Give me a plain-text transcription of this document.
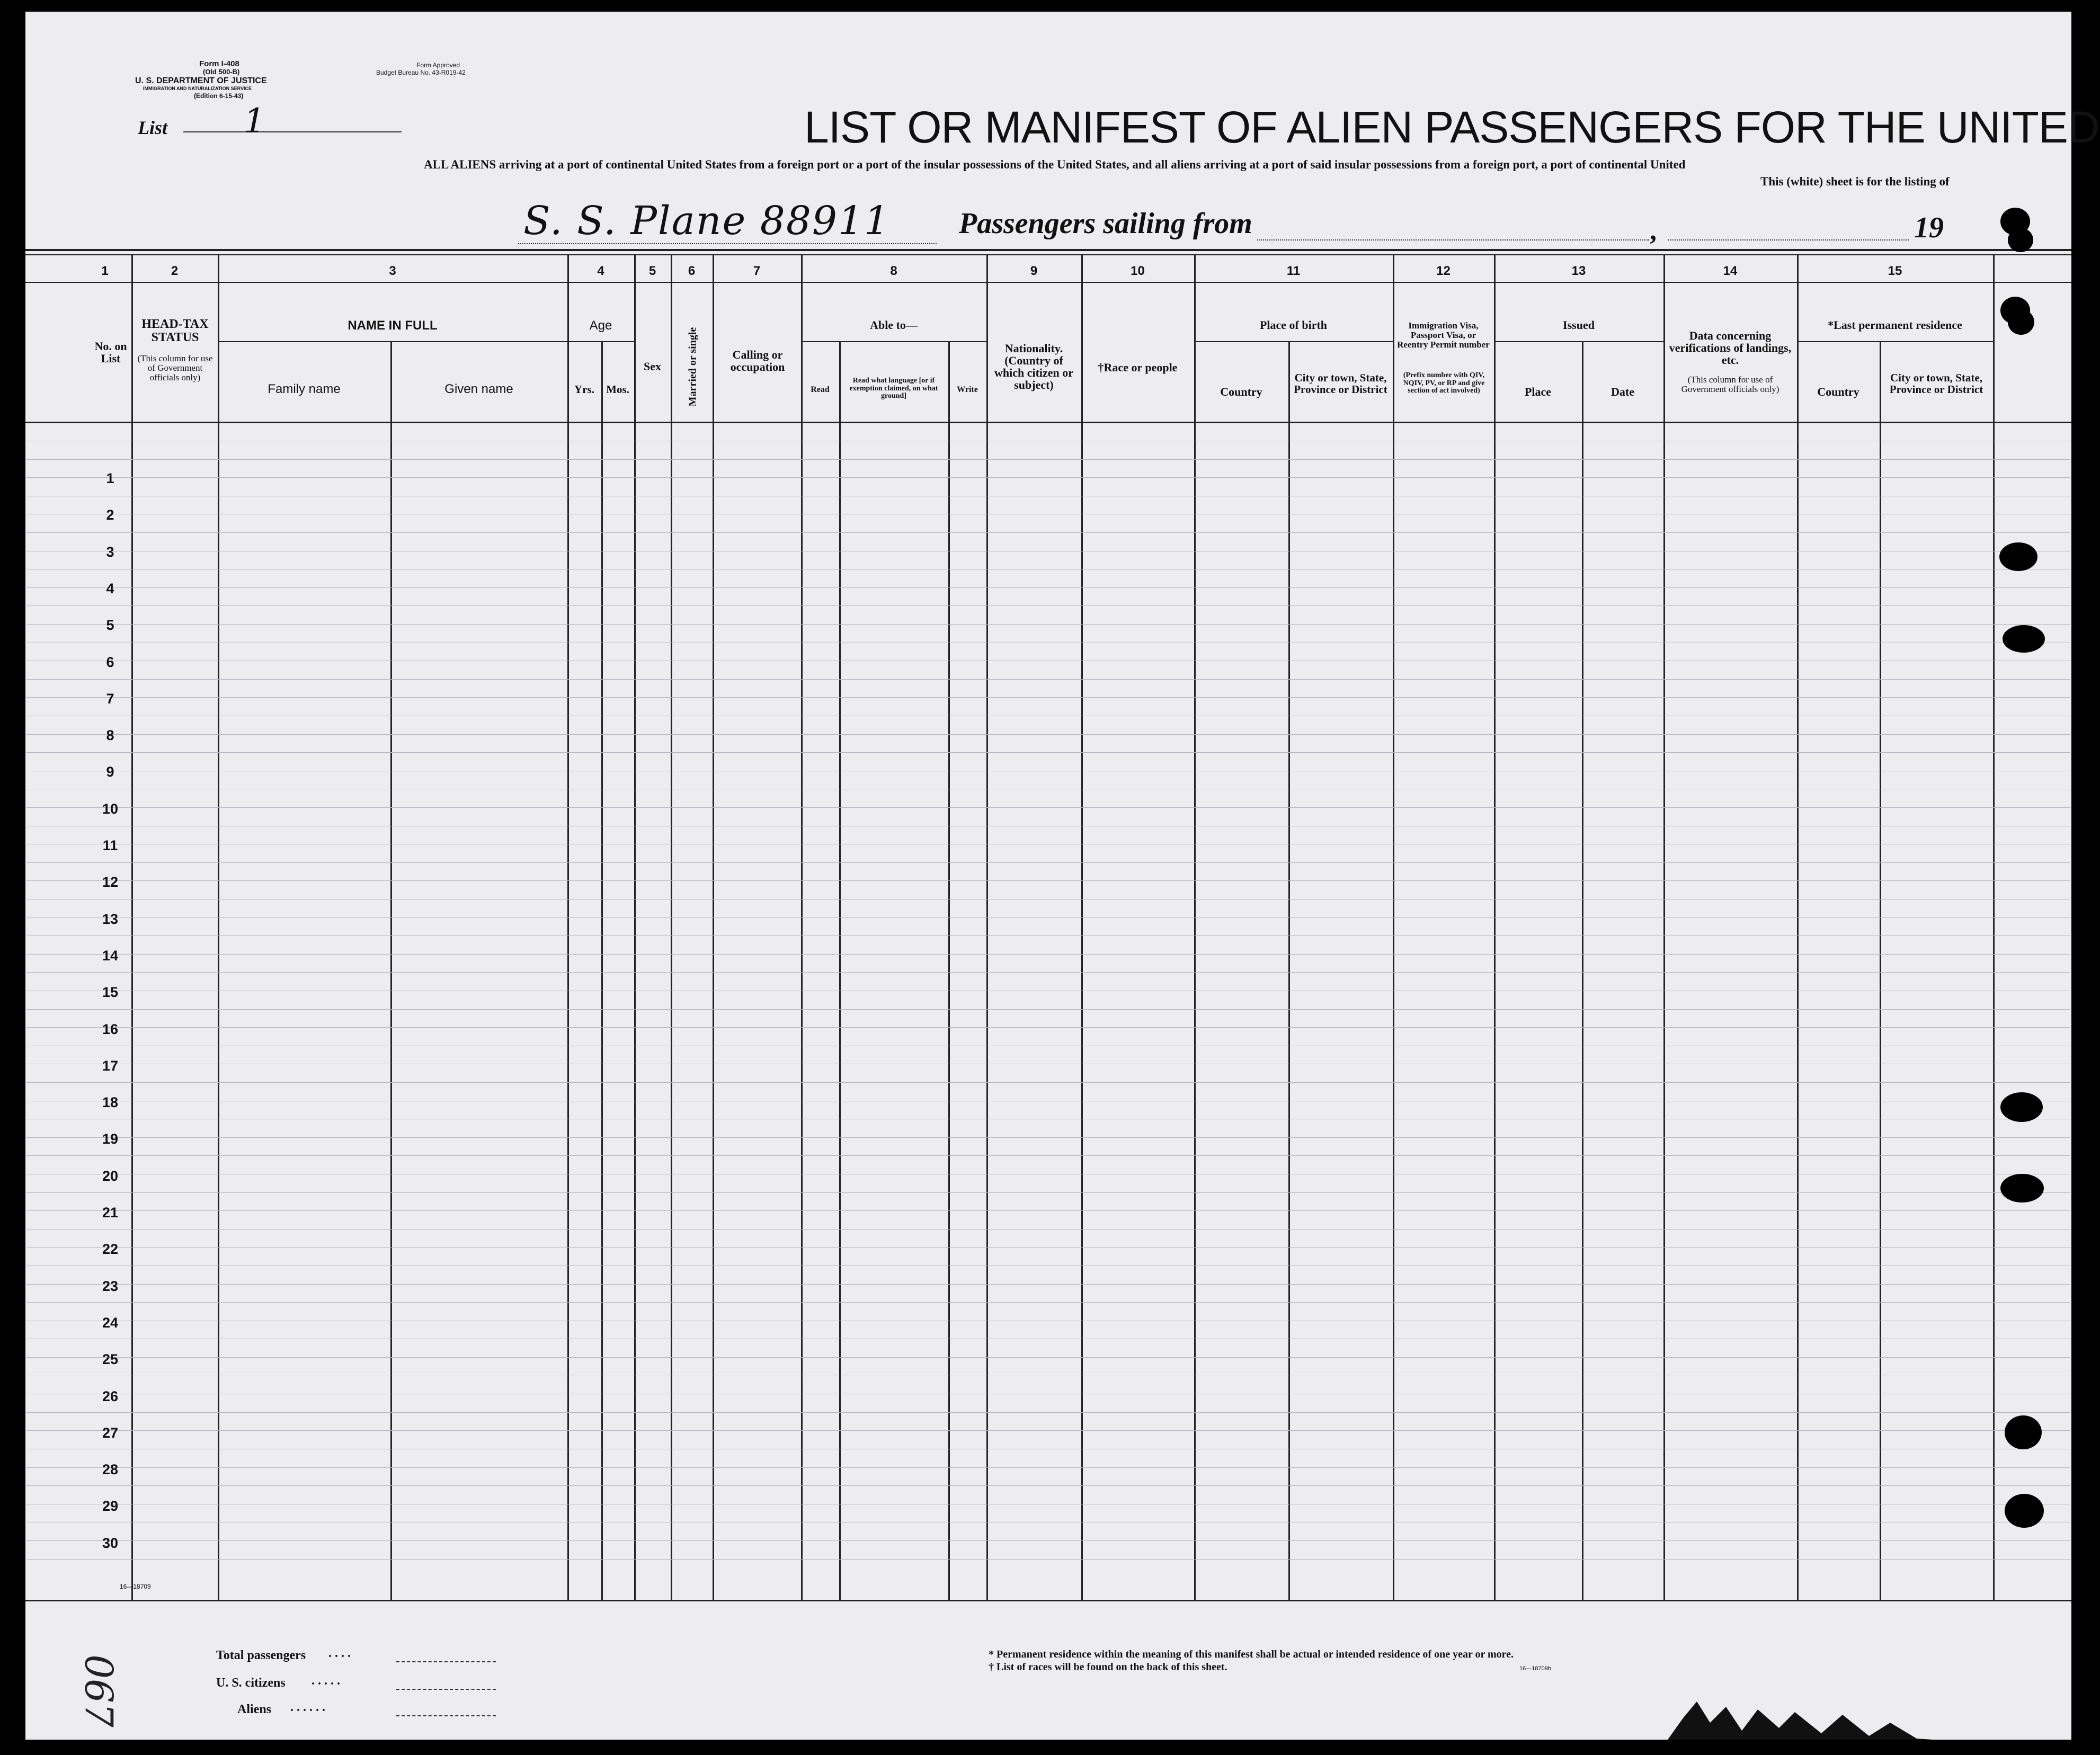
Form I-408
(Old 500-B)
U. S. DEPARTMENT OF JUSTICE
IMMIGRATION AND NATURALIZATION SERVICE
(Edition 6-15-43)
Form Approved
Budget Bureau No. 43-R019-42
List 1	LIST OR MANIFEST OF ALIEN PASSENGERS FOR THE UNITED
ALL ALIENS arriving at a port of continental United States from a foreign port or a port of the insular possessions of the United States, and all aliens arriving at a port of said insular possessions from a foreign port, a port of continental United
This (white) sheet is for the listing of
S. S. Plane 88911 Passengers sailing from	,	19
1	2	3	4	5	6	7	8	9	10	11	12	13	14	15
No. on List
HEAD-TAX STATUS
(This column for use of Government officials only)
NAME IN FULL
Family name	Given name
Age
Yrs.	Mos.
Sex	Married or single	Calling or occupation
Able to—
Read
Read what language [or if exemption claimed, on what ground]
Write
Nationality. (Country of which citizen or subject)
†Race or people
Place of birth
Country
City or town, State, Province or District
Immigration Visa, Passport Visa, or Reentry Permit number
(Prefix number with QIV, NQIV, PV, or RP and give section of act involved)
Issued
Place	Date
Data concerning verifications of landings, etc.
(This column for use of Government officials only)
*Last permanent residence
Country
City or town, State, Province or District
1
2
3
4
5
6
7
8
9
10
11
12
13
14
15
16
17
18
19
20
21
22
23
24
25
26
27
28
29
30
16—18709
Total passengers . . . .
U. S. citizens . . . . .
Aliens . . . . . .
* Permanent residence within the meaning of this manifest shall be actual or intended residence of one year or more.
† List of races will be found on the back of this sheet.	16—18709b
067
